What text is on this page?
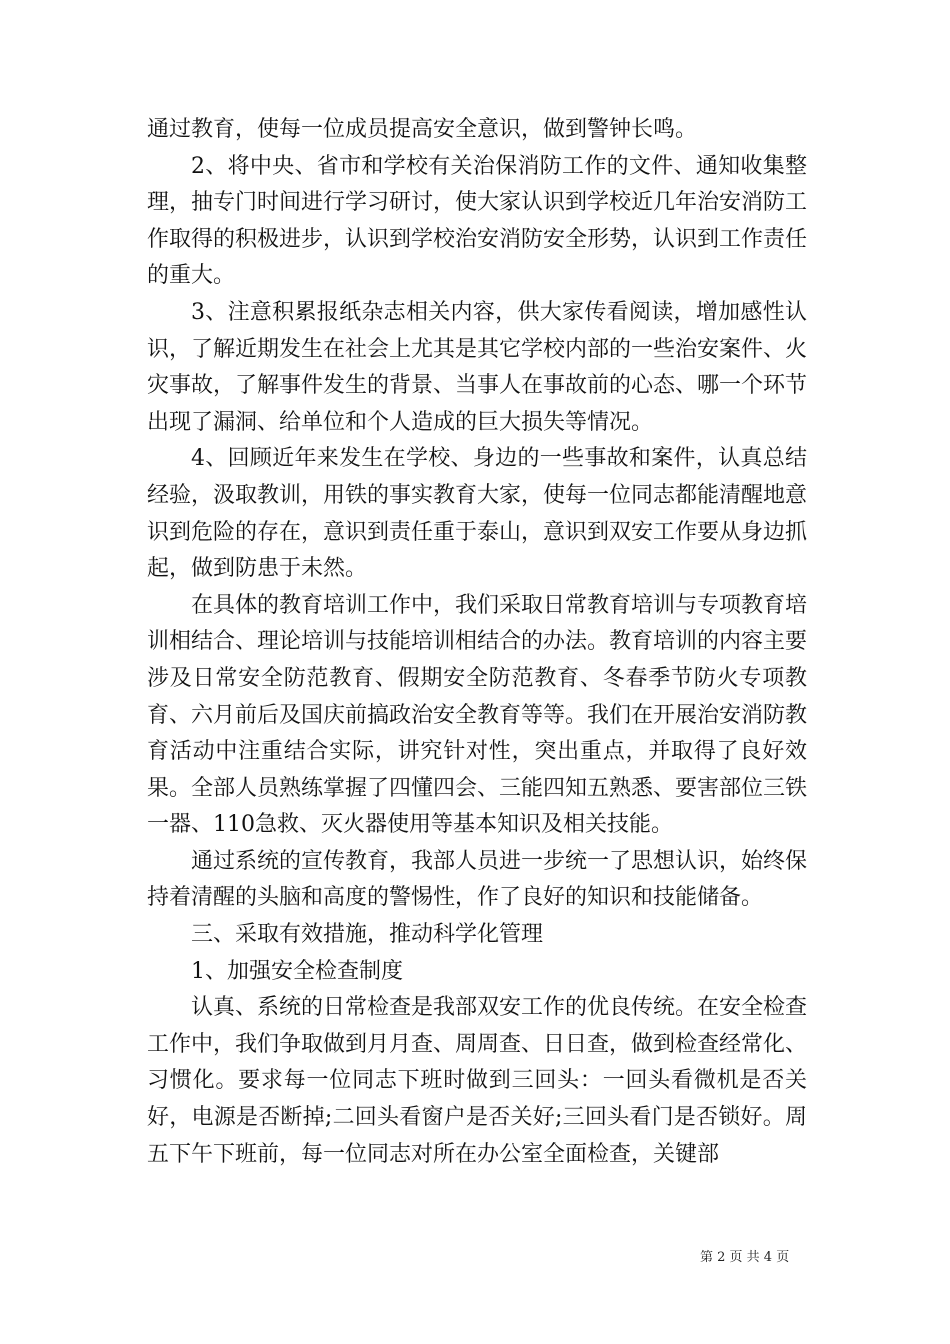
通过教育，使每一位成员提高安全意识，做到警钟长鸣。

2、将中央、省市和学校有关治保消防工作的文件、通知收集整理，抽专门时间进行学习研讨，使大家认识到学校近几年治安消防工作取得的积极进步，认识到学校治安消防安全形势，认识到工作责任的重大。

3、注意积累报纸杂志相关内容，供大家传看阅读，增加感性认识，了解近期发生在社会上尤其是其它学校内部的一些治安案件、火灾事故，了解事件发生的背景、当事人在事故前的心态、哪一个环节出现了漏洞、给单位和个人造成的巨大损失等情况。

4、回顾近年来发生在学校、身边的一些事故和案件，认真总结经验，汲取教训，用铁的事实教育大家，使每一位同志都能清醒地意识到危险的存在，意识到责任重于泰山，意识到双安工作要从身边抓起，做到防患于未然。

在具体的教育培训工作中，我们采取日常教育培训与专项教育培训相结合、理论培训与技能培训相结合的办法。教育培训的内容主要涉及日常安全防范教育、假期安全防范教育、冬春季节防火专项教育、六月前后及国庆前搞政治安全教育等等。我们在开展治安消防教育活动中注重结合实际，讲究针对性，突出重点，并取得了良好效果。全部人员熟练掌握了四懂四会、三能四知五熟悉、要害部位三铁一器、110急救、灭火器使用等基本知识及相关技能。

通过系统的宣传教育，我部人员进一步统一了思想认识，始终保持着清醒的头脑和高度的警惕性，作了良好的知识和技能储备。

三、采取有效措施，推动科学化管理

1、加强安全检查制度

认真、系统的日常检查是我部双安工作的优良传统。在安全检查工作中，我们争取做到月月查、周周查、日日查，做到检查经常化、习惯化。要求每一位同志下班时做到三回头：一回头看微机是否关好，电源是否断掉;二回头看窗户是否关好;三回头看门是否锁好。周五下午下班前，每一位同志对所在办公室全面检查，关键部

第 2 页 共 4 页
